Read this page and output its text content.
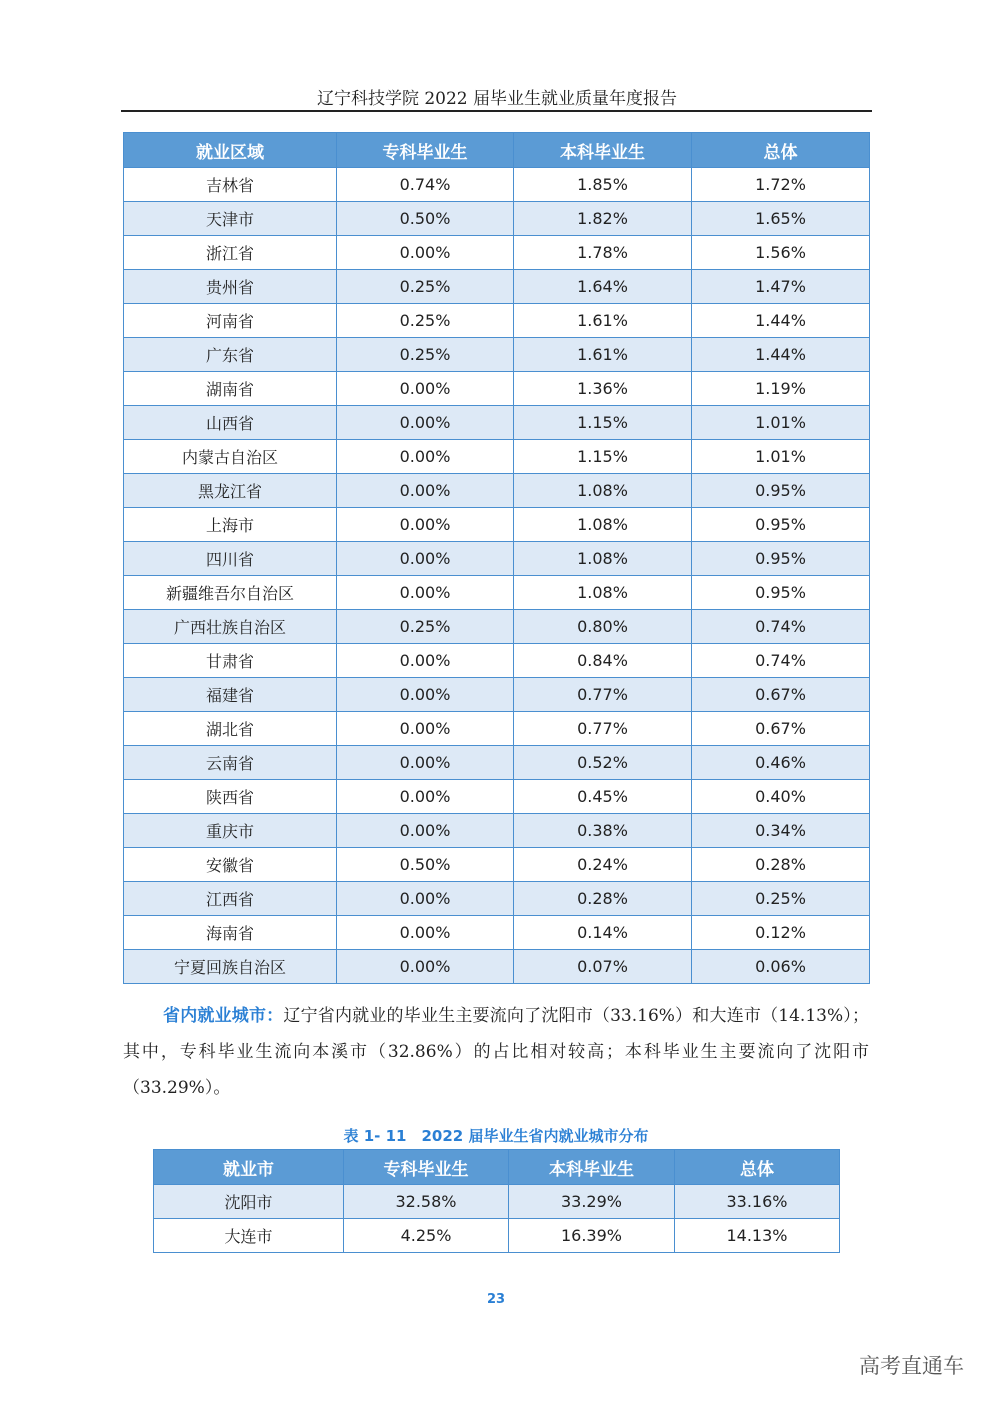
辽宁科技学院 2022 届毕业生就业质量年度报告
就业区域	专科毕业生	本科毕业生	总体
吉林省	0.74%	1.85%	1.72%
天津市	0.50%	1.82%	1.65%
浙江省	0.00%	1.78%	1.56%
贵州省	0.25%	1.64%	1.47%
河南省	0.25%	1.61%	1.44%
广东省	0.25%	1.61%	1.44%
湖南省	0.00%	1.36%	1.19%
山西省	0.00%	1.15%	1.01%
内蒙古自治区	0.00%	1.15%	1.01%
黑龙江省	0.00%	1.08%	0.95%
上海市	0.00%	1.08%	0.95%
四川省	0.00%	1.08%	0.95%
新疆维吾尔自治区	0.00%	1.08%	0.95%
广西壮族自治区	0.25%	0.80%	0.74%
甘肃省	0.00%	0.84%	0.74%
福建省	0.00%	0.77%	0.67%
湖北省	0.00%	0.77%	0.67%
云南省	0.00%	0.52%	0.46%
陕西省	0.00%	0.45%	0.40%
重庆市	0.00%	0.38%	0.34%
安徽省	0.50%	0.24%	0.28%
江西省	0.00%	0.28%	0.25%
海南省	0.00%	0.14%	0.12%
宁夏回族自治区	0.00%	0.07%	0.06%
省内就业城市：辽宁省内就业的毕业生主要流向了沈阳市（33.16%）和大连市（14.13%）；其中，专科毕业生流向本溪市（32.86%）的占比相对较高；本科毕业生主要流向了沈阳市（33.29%）。
表 1- 11　2022 届毕业生省内就业城市分布
就业市	专科毕业生	本科毕业生	总体
沈阳市	32.58%	33.29%	33.16%
大连市	4.25%	16.39%	14.13%
23
高考直通车
